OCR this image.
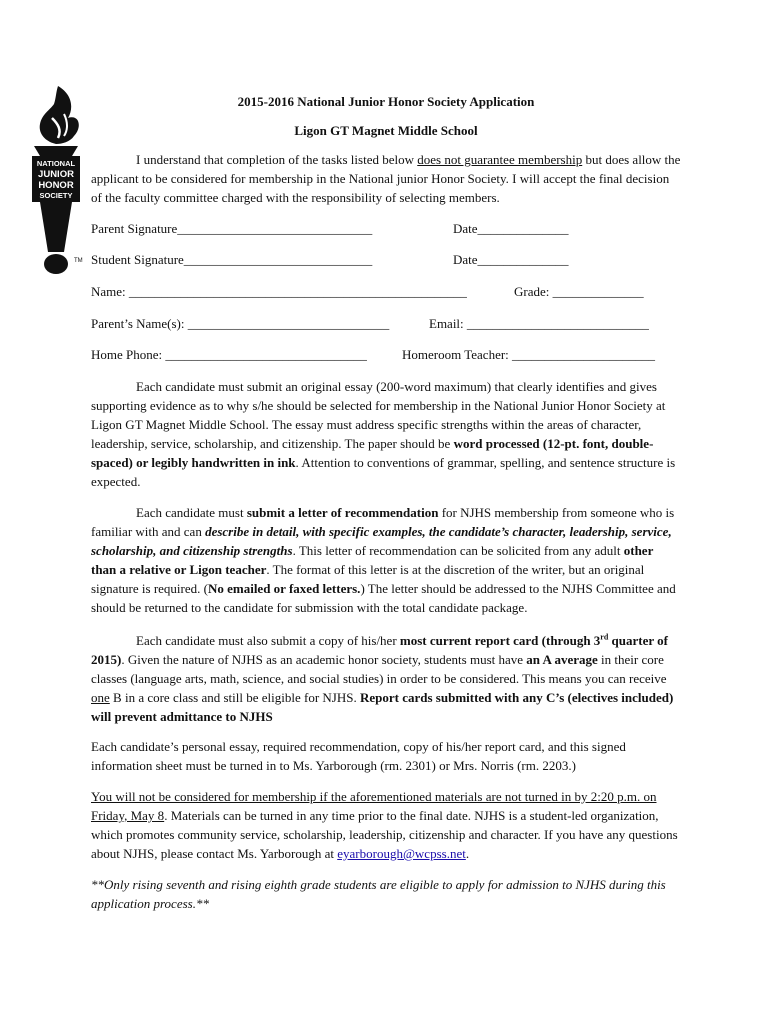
NATIONAL
JUNIOR
HONOR
SOCIETY
TM

2015-2016 National Junior Honor Society Application

Ligon GT Magnet Middle School

I understand that completion of the tasks listed below does not guarantee membership but does allow the applicant to be considered for membership in the National junior Honor Society. I will accept the final decision of the faculty committee charged with the responsibility of selecting members.

Parent Signature______________________________	Date______________
Student Signature_____________________________	Date______________
Name: ____________________________________________________	Grade: ______________
Parent’s Name(s): _______________________________	Email: ____________________________
Home Phone: _______________________________	Homeroom Teacher: ______________________

Each candidate must submit an original essay (200-word maximum) that clearly identifies and gives supporting evidence as to why s/he should be selected for membership in the National Junior Honor Society at Ligon GT Magnet Middle School. The essay must address specific strengths within the areas of character, leadership, service, scholarship, and citizenship. The paper should be word processed (12-pt. font, double-spaced) or legibly handwritten in ink. Attention to conventions of grammar, spelling, and sentence structure is expected.

Each candidate must submit a letter of recommendation for NJHS membership from someone who is familiar with and can describe in detail, with specific examples, the candidate’s character, leadership, service, scholarship, and citizenship strengths. This letter of recommendation can be solicited from any adult other than a relative or Ligon teacher. The format of this letter is at the discretion of the writer, but an original signature is required. (No emailed or faxed letters.) The letter should be addressed to the NJHS Committee and should be returned to the candidate for submission with the total candidate package.

Each candidate must also submit a copy of his/her most current report card (through 3rd quarter of 2015). Given the nature of NJHS as an academic honor society, students must have an A average in their core classes (language arts, math, science, and social studies) in order to be considered. This means you can receive one B in a core class and still be eligible for NJHS. Report cards submitted with any C’s (electives included) will prevent admittance to NJHS

Each candidate’s personal essay, required recommendation, copy of his/her report card, and this signed information sheet must be turned in to Ms. Yarborough (rm. 2301) or Mrs. Norris (rm. 2203.)

You will not be considered for membership if the aforementioned materials are not turned in by 2:20 p.m. on Friday, May 8. Materials can be turned in any time prior to the final date. NJHS is a student-led organization, which promotes community service, scholarship, leadership, citizenship and character. If you have any questions about NJHS, please contact Ms. Yarborough at eyarborough@wcpss.net.

**Only rising seventh and rising eighth grade students are eligible to apply for admission to NJHS during this application process.**
